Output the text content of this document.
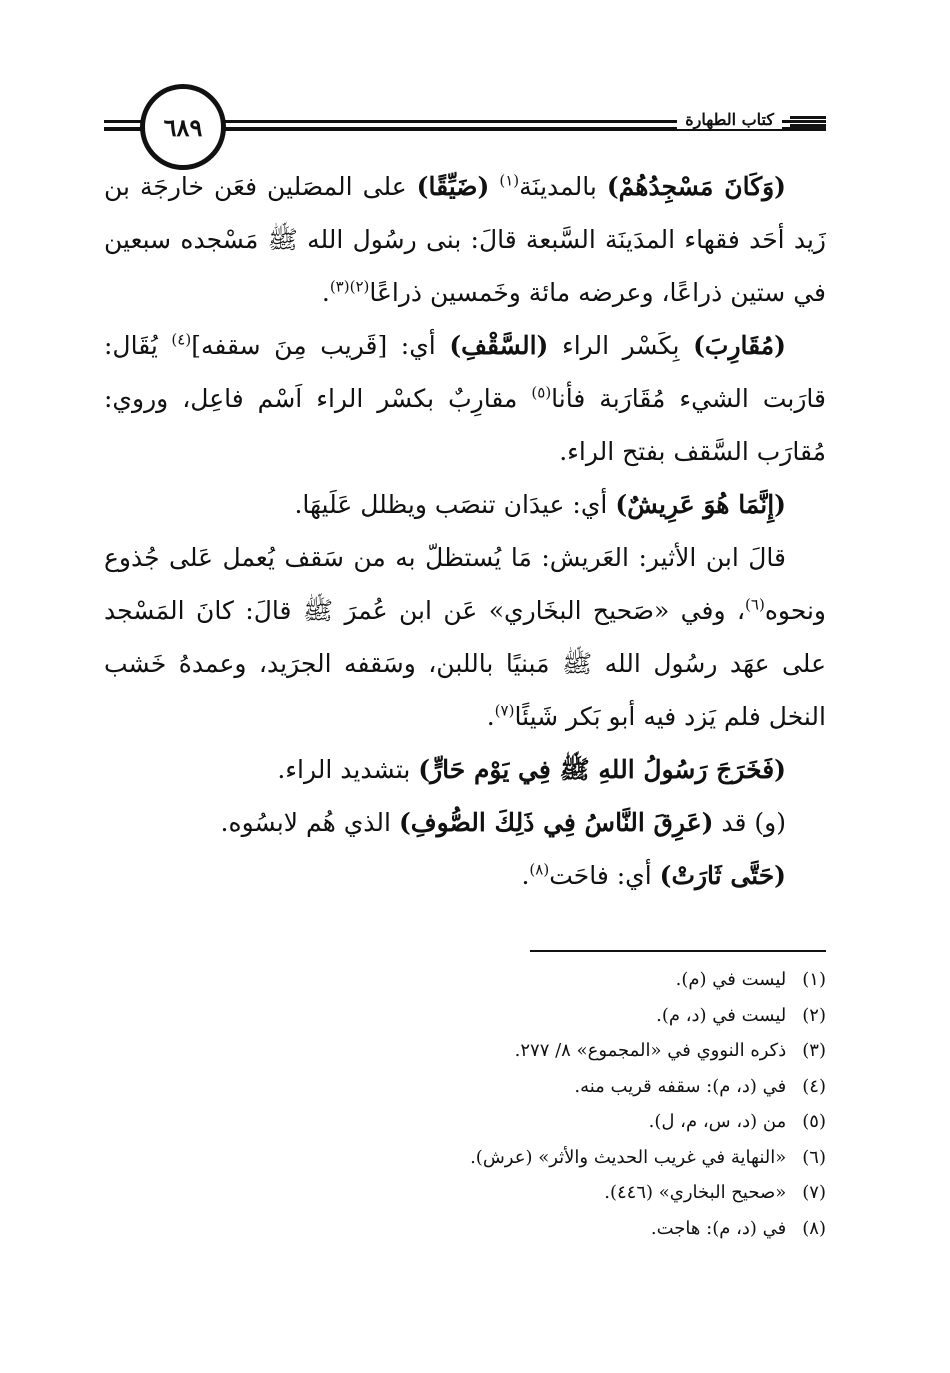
٦٨٩	كتاب الطهارة

(وَكَانَ مَسْجِدُهُمْ) بالمدينَة$^{(١)}$ (ضَيِّقًا) على المصَلين فعَن خارجَة بن زَيد أحَد فقهاء المدَينَة السَّبعة قالَ: بنى رسُول الله ﷺ مَسْجده سبعين في ستين ذراعًا، وعرضه مائة وخَمسين ذراعًا$^{(٢)(٣)}$.

(مُقَارِبَ) بِكَسْر الراء (السَّقْفِ) أي: [قَريب مِنَ سقفه]$^{(٤)}$ يُقَال: قارَبت الشيء مُقَارَبة فأنا$^{(٥)}$ مقارِبٌ بكسْر الراء اَسْم فاعِل، وروي: مُقارَب السَّقف بفتح الراء.

(إِنَّمَا هُوَ عَرِيشٌ) أي: عيدَان تنصَب ويظلل عَلَيهَا.

قالَ ابن الأثير: العَريش: مَا يُستظلّ به من سَقف يُعمل عَلى جُذوع ونحوه$^{(٦)}$، وفي «صَحيح البخَاري» عَن ابن عُمرَ ﷺ قالَ: كانَ المَسْجد على عهَد رسُول الله ﷺ مَبنيًا باللبن، وسَقفه الجرَيد، وعمدهُ خَشب النخل فلم يَزد فيه أبو بَكر شَيئًا$^{(٧)}$.

(فَخَرَجَ رَسُولُ اللهِ ﷺ فِي يَوْم حَارٍّ) بتشديد الراء.

(و) قد (عَرِقَ النَّاسُ فِي ذَلِكَ الصُّوفِ) الذي هُم لابسُوه.

(حَتَّى ثَارَتْ) أي: فاحَت$^{(٨)}$.

(١) ليست في (م).
(٢) ليست في (د، م).
(٣) ذكره النووي في «المجموع» ٨/ ٢٧٧.
(٤) في (د، م): سقفه قريب منه.
(٥) من (د، س، م، ل).
(٦) «النهاية في غريب الحديث والأثر» (عرش).
(٧) «صحيح البخاري» (٤٤٦).
(٨) في (د، م): هاجت.
